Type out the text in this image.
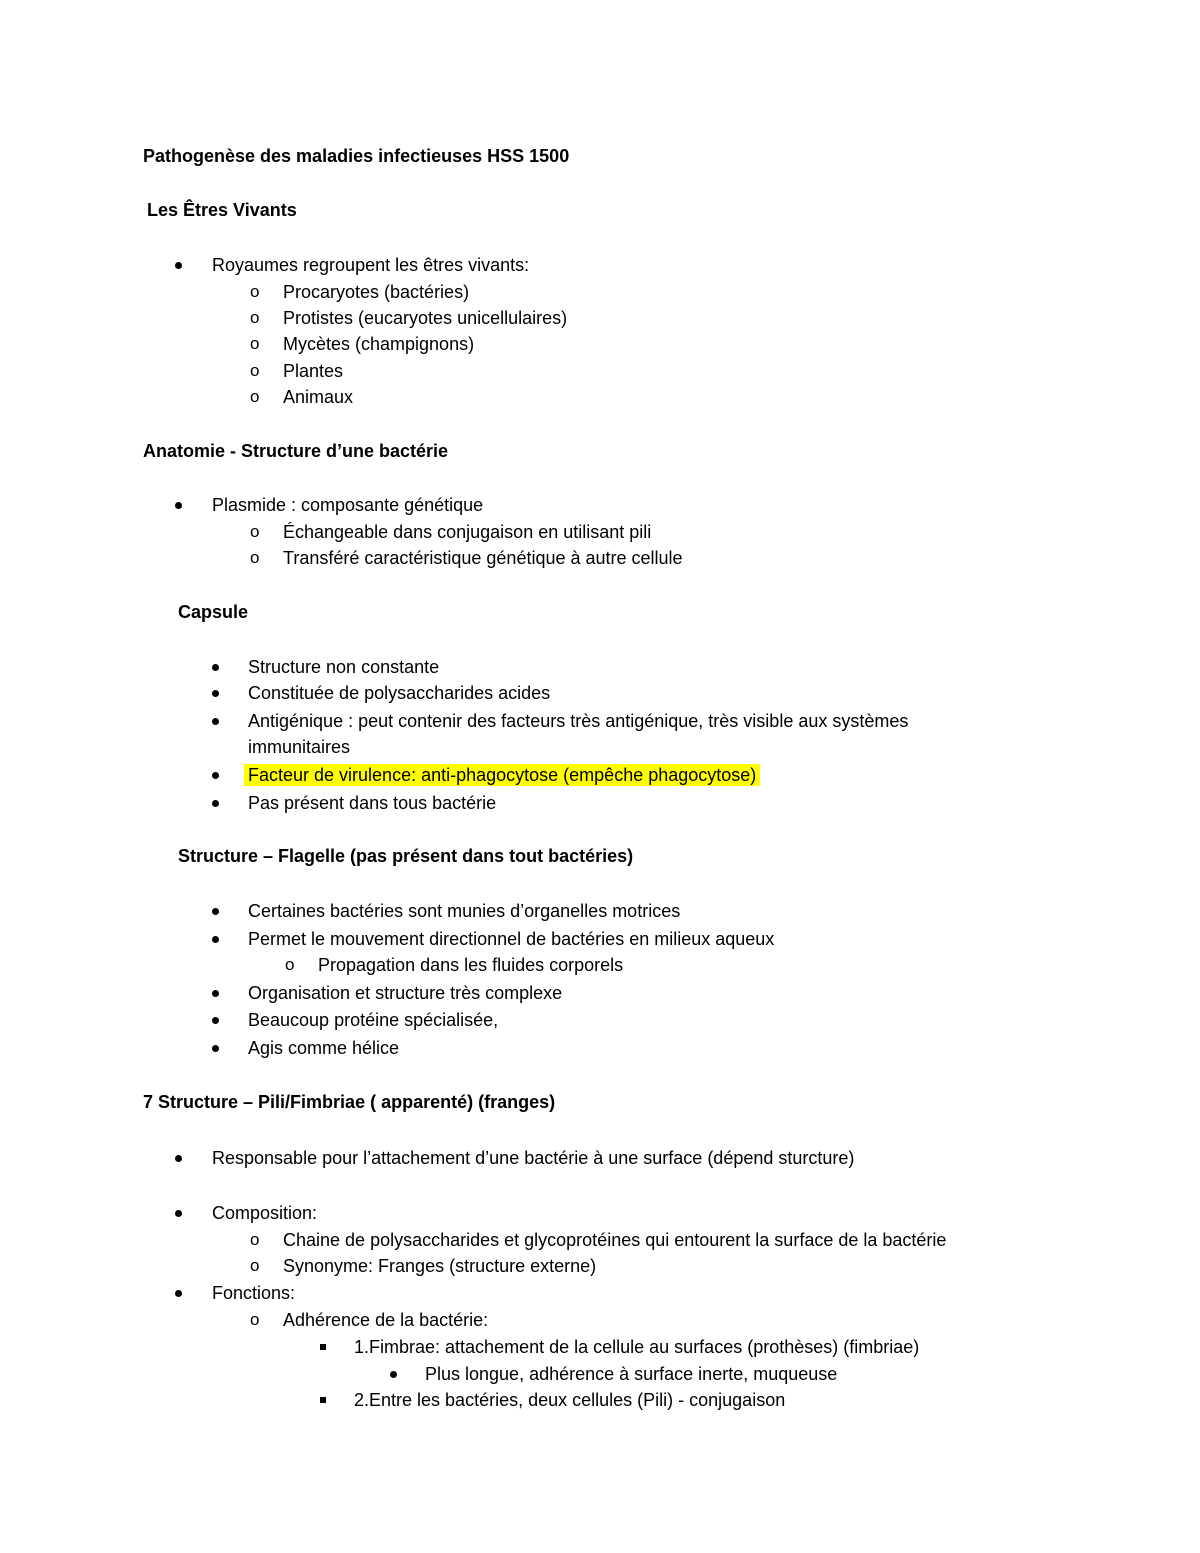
Pathogenèse des maladies infectieuses HSS 1500
Les Êtres Vivants
Royaumes regroupent les êtres vivants:
o Procaryotes (bactéries)
o Protistes (eucaryotes unicellulaires)
o Mycètes (champignons)
o Plantes
o Animaux
Anatomie - Structure d’une bactérie
Plasmide : composante génétique
o Échangeable dans conjugaison en utilisant pili
o Transféré caractéristique génétique à autre cellule
Capsule
Structure non constante
Constituée de polysaccharides acides
Antigénique : peut contenir des facteurs très antigénique, très visible aux systèmes
immunitaires
Facteur de virulence: anti-phagocytose (empêche phagocytose)
Pas présent dans tous bactérie
Structure – Flagelle (pas présent dans tout bactéries)
Certaines bactéries sont munies d’organelles motrices
Permet le mouvement directionnel de bactéries en milieux aqueux
o Propagation dans les fluides corporels
Organisation et structure très complexe
Beaucoup protéine spécialisée,
Agis comme hélice
7 Structure – Pili/Fimbriae ( apparenté) (franges)
Responsable pour l’attachement d’une bactérie à une surface (dépend sturcture)
Composition:
o Chaine de polysaccharides et glycoprotéines qui entourent la surface de la bactérie
o Synonyme: Franges (structure externe)
Fonctions:
o Adhérence de la bactérie:
1.Fimbrae: attachement de la cellule au surfaces (prothèses) (fimbriae)
Plus longue, adhérence à surface inerte, muqueuse
2.Entre les bactéries, deux cellules (Pili) - conjugaison
